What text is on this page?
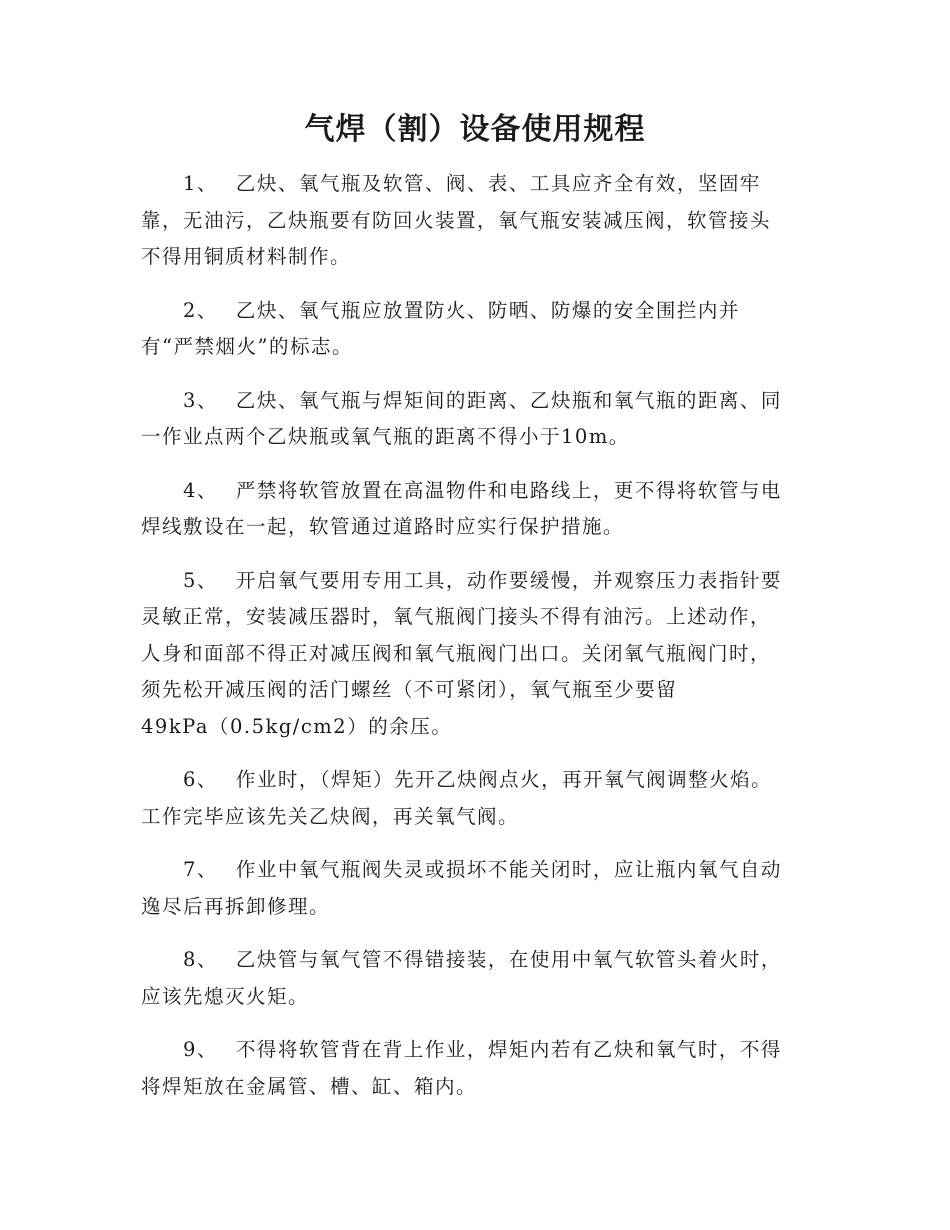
气焊（割）设备使用规程

1、 乙炔、氧气瓶及软管、阀、表、工具应齐全有效，坚固牢
靠，无油污，乙炔瓶要有防回火装置，氧气瓶安装减压阀，软管接头
不得用铜质材料制作。

2、 乙炔、氧气瓶应放置防火、防晒、防爆的安全围拦内并
有“严禁烟火”的标志。

3、 乙炔、氧气瓶与焊矩间的距离、乙炔瓶和氧气瓶的距离、同
一作业点两个乙炔瓶或氧气瓶的距离不得小于10m。

4、 严禁将软管放置在高温物件和电路线上，更不得将软管与电
焊线敷设在一起，软管通过道路时应实行保护措施。

5、 开启氧气要用专用工具，动作要缓慢，并观察压力表指针要
灵敏正常，安装减压器时，氧气瓶阀门接头不得有油污。上述动作，
人身和面部不得正对减压阀和氧气瓶阀门出口。关闭氧气瓶阀门时，
须先松开减压阀的活门螺丝（不可紧闭），氧气瓶至少要留
49kPa（0.5kg/cm2）的余压。

6、 作业时，（焊矩）先开乙炔阀点火，再开氧气阀调整火焰。
工作完毕应该先关乙炔阀，再关氧气阀。

7、 作业中氧气瓶阀失灵或损坏不能关闭时，应让瓶内氧气自动
逸尽后再拆卸修理。

8、 乙炔管与氧气管不得错接装，在使用中氧气软管头着火时，
应该先熄灭火矩。

9、 不得将软管背在背上作业，焊矩内若有乙炔和氧气时，不得
将焊矩放在金属管、槽、缸、箱内。
